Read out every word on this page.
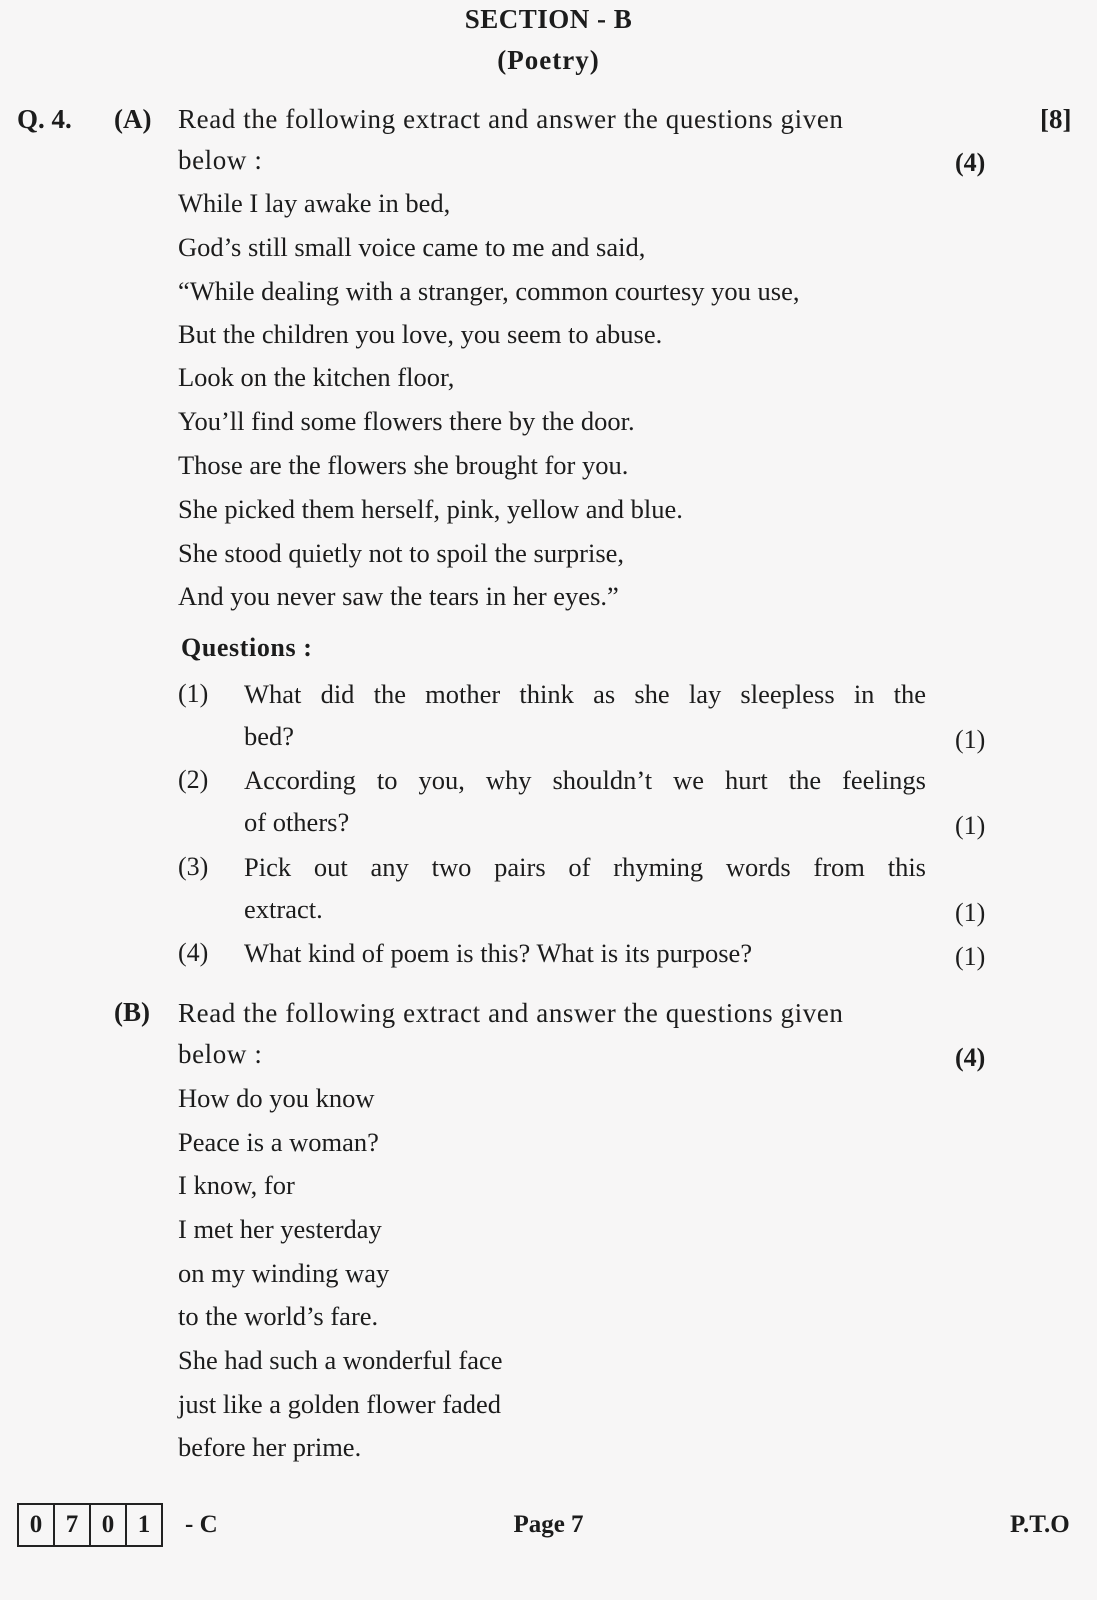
SECTION - B
(Poetry)
Q. 4.	[8]
(A) Read the following extract and answer the questions given
below :	(4)
While I lay awake in bed,
God’s still small voice came to me and said,
“While dealing with a stranger, common courtesy you use,
But the children you love, you seem to abuse.
Look on the kitchen floor,
You’ll find some flowers there by the door.
Those are the flowers she brought for you.
She picked them herself, pink, yellow and blue.
She stood quietly not to spoil the surprise,
And you never saw the tears in her eyes.”
Questions :
(1) What did the mother think as she lay sleepless in the
bed?	(1)
(2) According to you, why shouldn’t we hurt the feelings
of others?	(1)
(3) Pick out any two pairs of rhyming words from this
extract.	(1)
(4) What kind of poem is this? What is its purpose?	(1)
(B) Read the following extract and answer the questions given
below :	(4)
How do you know
Peace is a woman?
I know, for
I met her yesterday
on my winding way
to the world’s fare.
She had such a wonderful face
just like a golden flower faded
before her prime.
0 7 0 1	- C	Page 7	P.T.O
